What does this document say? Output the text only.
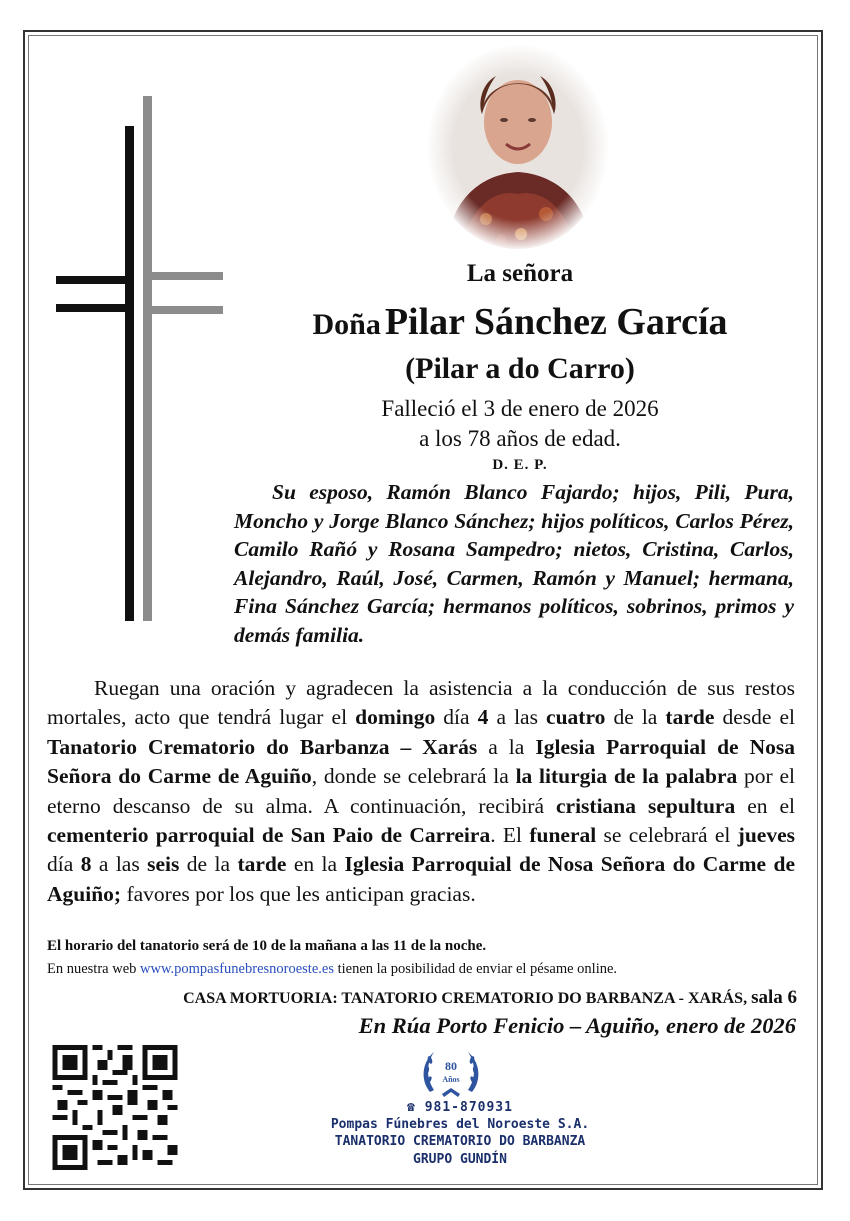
La señora
Doña Pilar Sánchez García
(Pilar a do Carro)
Falleció el 3 de enero de 2026
a los 78 años de edad.
D. E. P.
Su esposo, Ramón Blanco Fajardo; hijos, Pili, Pura, Moncho y Jorge Blanco Sánchez; hijos políticos, Carlos Pérez, Camilo Rañó y Rosana Sampedro; nietos, Cristina, Carlos, Alejandro, Raúl, José, Carmen, Ramón y Manuel; hermana, Fina Sánchez García; hermanos políticos, sobrinos, primos y demás familia.
Ruegan una oración y agradecen la asistencia a la conducción de sus restos mortales, acto que tendrá lugar el domingo día 4 a las cuatro de la tarde desde el Tanatorio Crematorio do Barbanza – Xarás a la Iglesia Parroquial de Nosa Señora do Carme de Aguiño, donde se celebrará la la liturgia de la palabra por el eterno descanso de su alma. A continuación, recibirá cristiana sepultura en el cementerio parroquial de San Paio de Carreira. El funeral se celebrará el jueves día 8 a las seis de la tarde en la Iglesia Parroquial de Nosa Señora do Carme de Aguiño; favores por los que les anticipan gracias.
El horario del tanatorio será de 10 de la mañana a las 11 de la noche.
En nuestra web www.pompasfunebresnoroeste.es tienen la posibilidad de enviar el pésame online.
CASA MORTUORIA: TANATORIO CREMATORIO DO BARBANZA - XARÁS, sala 6
En Rúa Porto Fenicio – Aguiño, enero de 2026
80
Años
☎ 981-870931
Pompas Fúnebres del Noroeste S.A.
TANATORIO CREMATORIO DO BARBANZA
GRUPO GUNDÍN
